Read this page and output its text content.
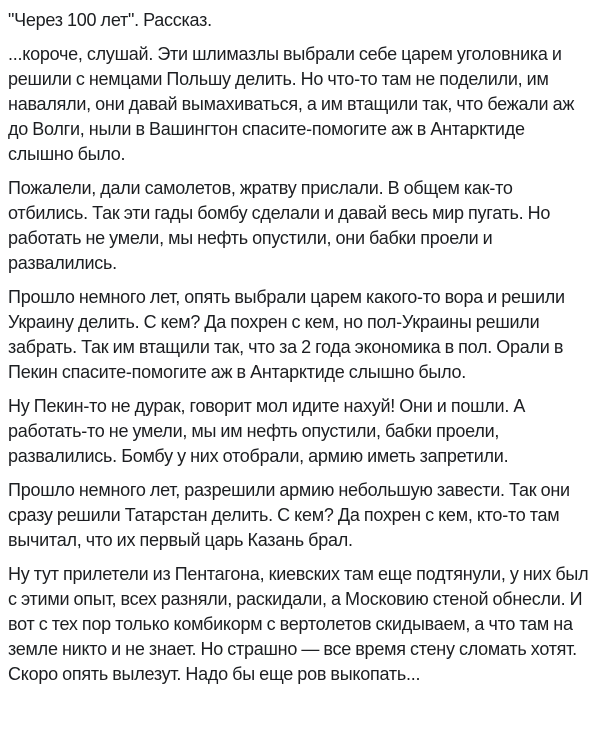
"Через 100 лет". Рассказ.

...короче, слушай. Эти шлимазлы выбрали себе царем уголовника и решили с немцами Польшу делить. Но что-то там не поделили, им наваляли, они давай вымахиваться, а им втащили так, что бежали аж до Волги, ныли в Вашингтон спасите-помогите аж в Антарктиде слышно было.

Пожалели, дали самолетов, жратву прислали. В общем как-то отбились. Так эти гады бомбу сделали и давай весь мир пугать. Но работать не умели, мы нефть опустили, они бабки проели и развалились.

Прошло немного лет, опять выбрали царем какого-то вора и решили Украину делить. С кем? Да похрен с кем, но пол-Украины решили забрать. Так им втащили так, что за 2 года экономика в пол. Орали в Пекин спасите-помогите аж в Антарктиде слышно было.

Ну Пекин-то не дурак, говорит мол идите нахуй! Они и пошли. А работать-то не умели, мы им нефть опустили, бабки проели, развалились. Бомбу у них отобрали, армию иметь запретили.

Прошло немного лет, разрешили армию небольшую завести. Так они сразу решили Татарстан делить. С кем? Да похрен с кем, кто-то там вычитал, что их первый царь Казань брал.

Ну тут прилетели из Пентагона, киевских там еще подтянули, у них был с этими опыт, всех разняли, раскидали, а Московию стеной обнесли. И вот с тех пор только комбикорм с вертолетов скидываем, а что там на земле никто и не знает. Но страшно — все время стену сломать хотят. Скоро опять вылезут. Надо бы еще ров выкопать...
